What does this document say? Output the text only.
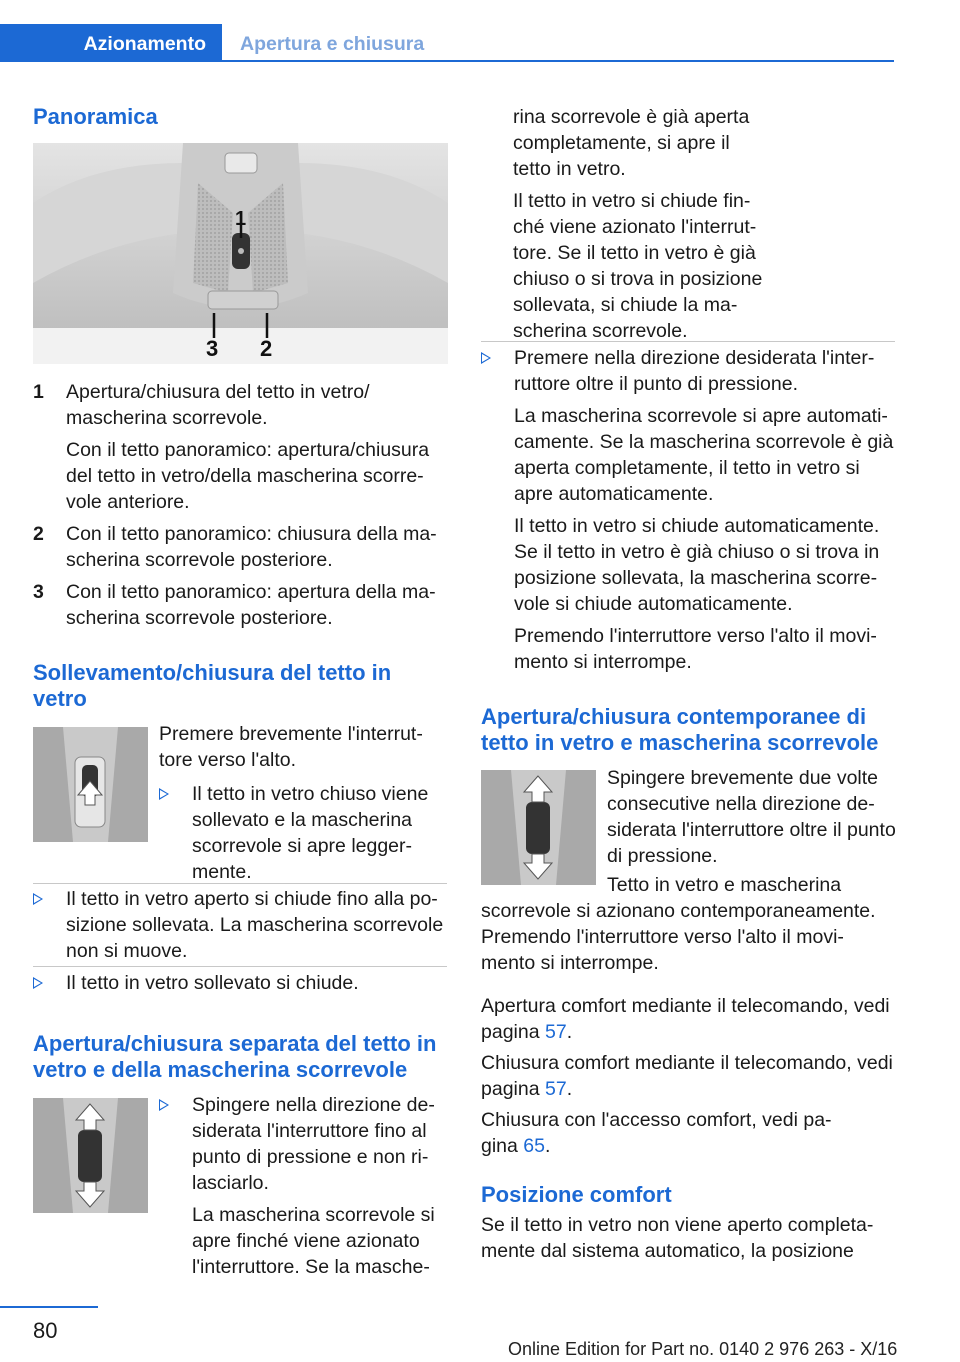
Azionamento Apertura e chiusura
Panoramica
1
3 2
1	Apertura/chiusura del tetto in vetro/ mascherina scorrevole.

Con il tetto panoramico: apertura/chiusura del tetto in vetro/della mascherina scorre- vole anteriore.

2	Con il tetto panoramico: chiusura della ma- scherina scorrevole posteriore.

3	Con il tetto panoramico: apertura della ma- scherina scorrevole posteriore.

Sollevamento/chiusura del tetto in vetro

Premere brevemente l'interrut- tore verso l'alto.

Il tetto in vetro chiuso viene sollevato e la mascherina scorrevole si apre legger- mente.

Il tetto in vetro aperto si chiude fino alla po- sizione sollevata. La mascherina scorrevole non si muove.

Il tetto in vetro sollevato si chiude.

Apertura/chiusura separata del tetto in vetro e della mascherina scorrevole

Spingere nella direzione de- siderata l'interruttore fino al punto di pressione e non ri- lasciarlo.

La mascherina scorrevole si apre finché viene azionato l'interruttore. Se la masche-

rina scorrevole è già aperta completamente, si apre il tetto in vetro.

Il tetto in vetro si chiude fin- ché viene azionato l'interrut- tore. Se il tetto in vetro è già chiuso o si trova in posizione sollevata, si chiude la ma- scherina scorrevole.

Premere nella direzione desiderata l'inter- ruttore oltre il punto di pressione.

La mascherina scorrevole si apre automati- camente. Se la mascherina scorrevole è già aperta completamente, il tetto in vetro si apre automaticamente.

Il tetto in vetro si chiude automaticamente. Se il tetto in vetro è già chiuso o si trova in posizione sollevata, la mascherina scorre- vole si chiude automaticamente.

Premendo l'interruttore verso l'alto il movi- mento si interrompe.

Apertura/chiusura contemporanee di tetto in vetro e mascherina scorrevole

Spingere brevemente due volte consecutive nella direzione de- siderata l'interruttore oltre il punto di pressione.

Tetto in vetro e mascherina scorrevole si azionano contemporaneamente. Premendo l'interruttore verso l'alto il movi- mento si interrompe.

Apertura comfort mediante il telecomando, vedi pagina 57.

Chiusura comfort mediante il telecomando, vedi pagina 57.

Chiusura con l'accesso comfort, vedi pa- gina 65.

Posizione comfort

Se il tetto in vetro non viene aperto completa- mente dal sistema automatico, la posizione

80
Online Edition for Part no. 0140 2 976 263 - X/16
